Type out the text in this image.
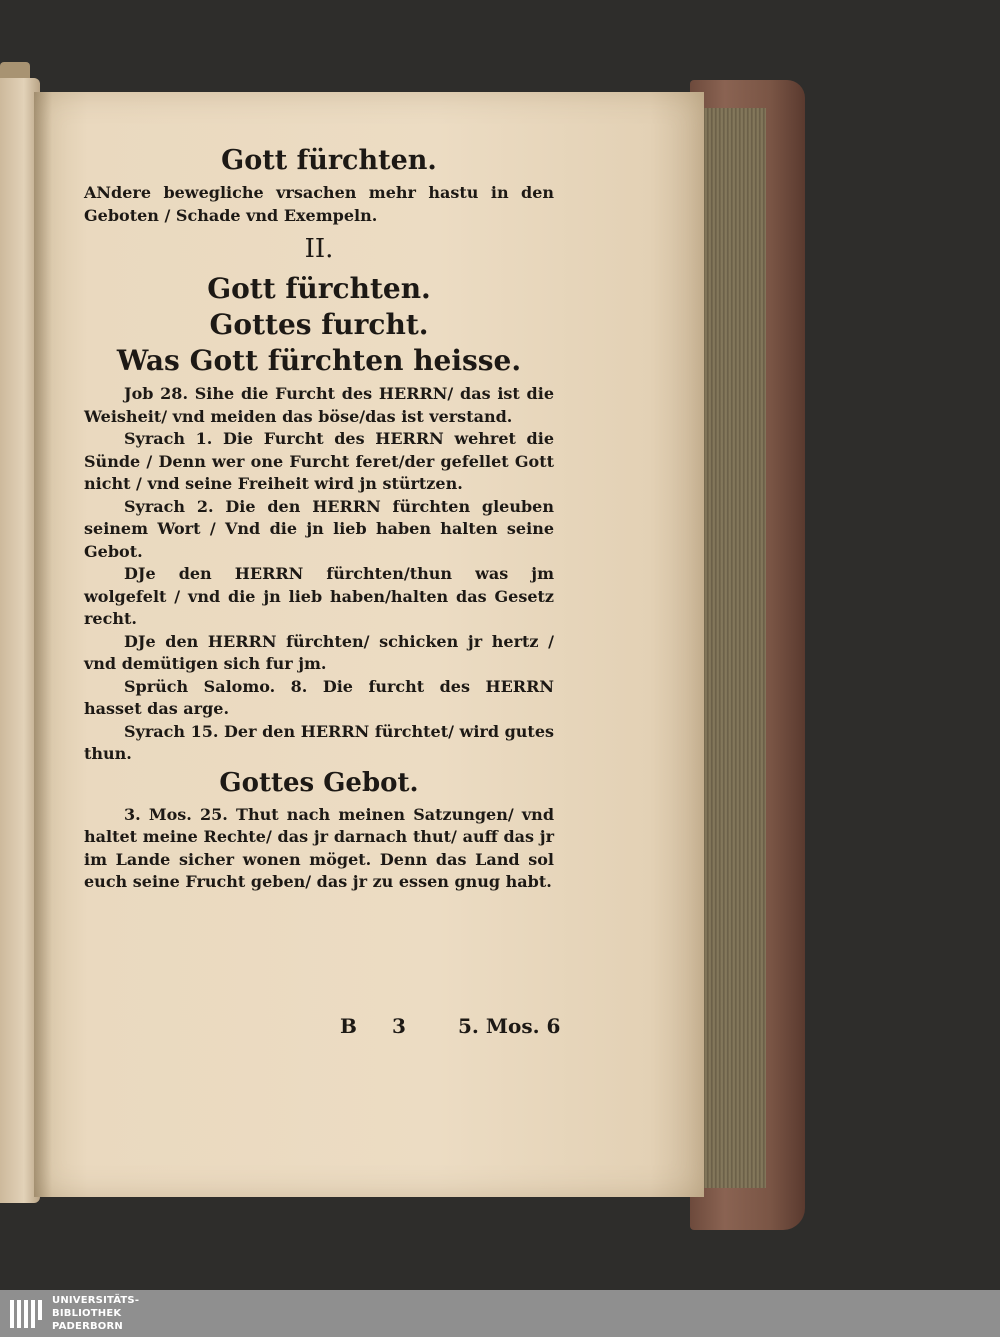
Gott fürchten.

ANdere bewegliche vrsachen mehr hastu in den Geboten / Schade vnd Exempeln.

II.
Gott fürchten.
Gottes furcht.
Was Gott fürchten heisse.

Job 28. Sihe die Furcht des HERRN/ das ist die Weisheit/ vnd meiden das böse/das ist verstand.

Syrach 1. Die Furcht des HERRN wehret die Sünde / Denn wer one Furcht feret/der gefellet Gott nicht / vnd seine Freiheit wird jn stürtzen.

Syrach 2. Die den HERRN fürchten gleuben seinem Wort / Vnd die jn lieb haben halten seine Gebot.

DJe den HERRN fürchten/thun was jm wolgefelt / vnd die jn lieb haben/halten das Gesetz recht.

DJe den HERRN fürchten/ schicken jr hertz / vnd demütigen sich fur jm.

Sprüch Salomo. 8. Die furcht des HERRN hasset das arge.

Syrach 15. Der den HERRN fürchtet/ wird gutes thun.

Gottes Gebot.

3. Mos. 25. Thut nach meinen Satzungen/ vnd haltet meine Rechte/ das jr darnach thut/ auff das jr im Lande sicher wonen möget. Denn das Land sol euch seine Frucht geben/ das jr zu essen gnug habt.

B 3	5. Mos. 6
UNIVERSITÄTS-
BIBLIOTHEK
PADERBORN
